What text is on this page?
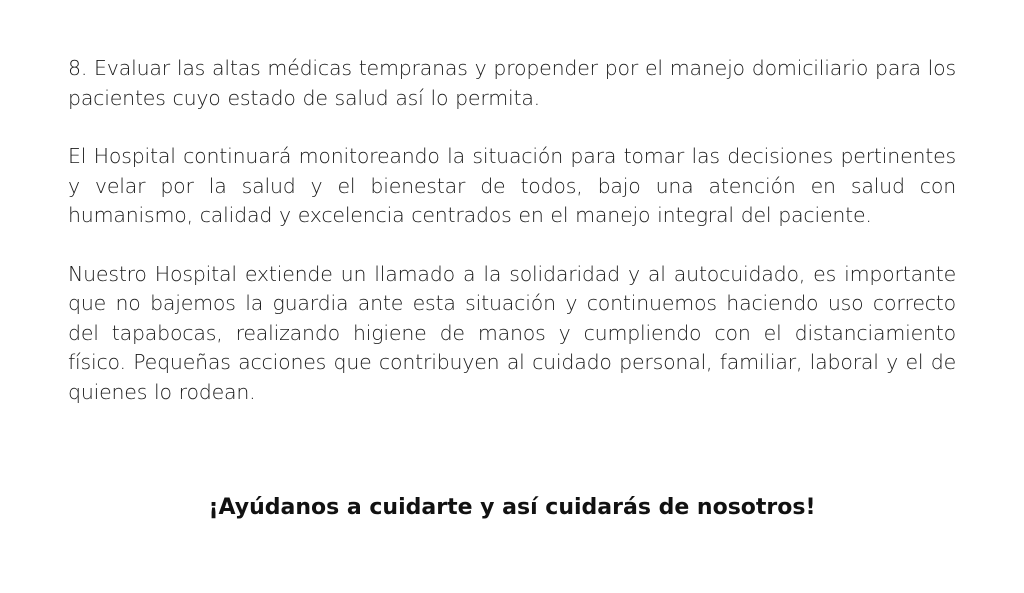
8. Evaluar las altas médicas tempranas y propender por el manejo domiciliario para los pacientes cuyo estado de salud así lo permita.

El Hospital continuará monitoreando la situación para tomar las decisiones pertinentes y velar por la salud y el bienestar de todos, bajo una atención en salud con humanismo, calidad y excelencia centrados en el manejo integral del paciente.

Nuestro Hospital extiende un llamado a la solidaridad y al autocuidado, es importante que no bajemos la guardia ante esta situación y continuemos haciendo uso correcto del tapabocas, realizando higiene de manos y cumpliendo con el distanciamiento físico. Pequeñas acciones que contribuyen al cuidado personal, familiar, laboral y el de quienes lo rodean.

¡Ayúdanos a cuidarte y así cuidarás de nosotros!
